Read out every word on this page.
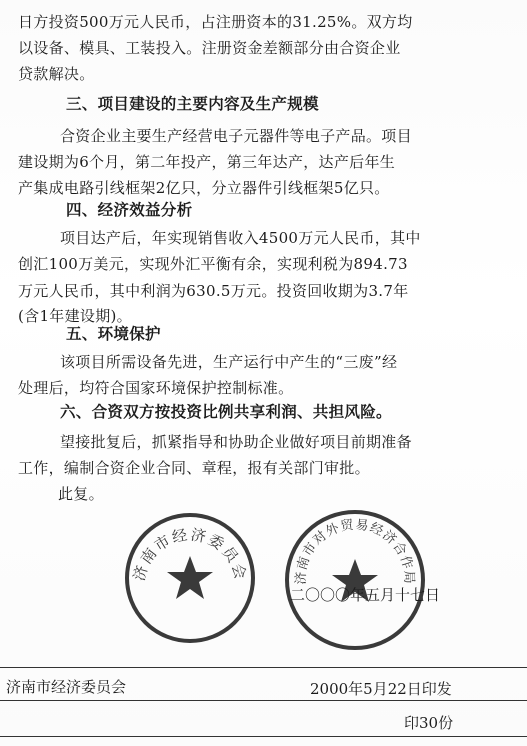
日方投资500万元人民币，占注册资本的31.25%。双方均
以设备、模具、工装投入。注册资金差额部分由合资企业
贷款解决。
三、项目建设的主要内容及生产规模
合资企业主要生产经营电子元器件等电子产品。项目
建设期为6个月，第二年投产，第三年达产，达产后年生
产集成电路引线框架2亿只，分立器件引线框架5亿只。
四、经济效益分析
项目达产后，年实现销售收入4500万元人民币，其中
创汇100万美元，实现外汇平衡有余，实现利税为894.73
万元人民币，其中利润为630.5万元。投资回收期为3.7年
(含1年建设期)。
五、环境保护
该项目所需设备先进，生产运行中产生的“三废”经
处理后，均符合国家环境保护控制标准。
六、合资双方按投资比例共享利润、共担风险。
望接批复后，抓紧指导和协助企业做好项目前期准备
工作，编制合资企业合同、章程，报有关部门审批。
此复。
济南市经济委员会	济南市对外贸易经济合作局
二〇〇〇年五月十七日
济南市经济委员会	2000年5月22日印发
印30份
